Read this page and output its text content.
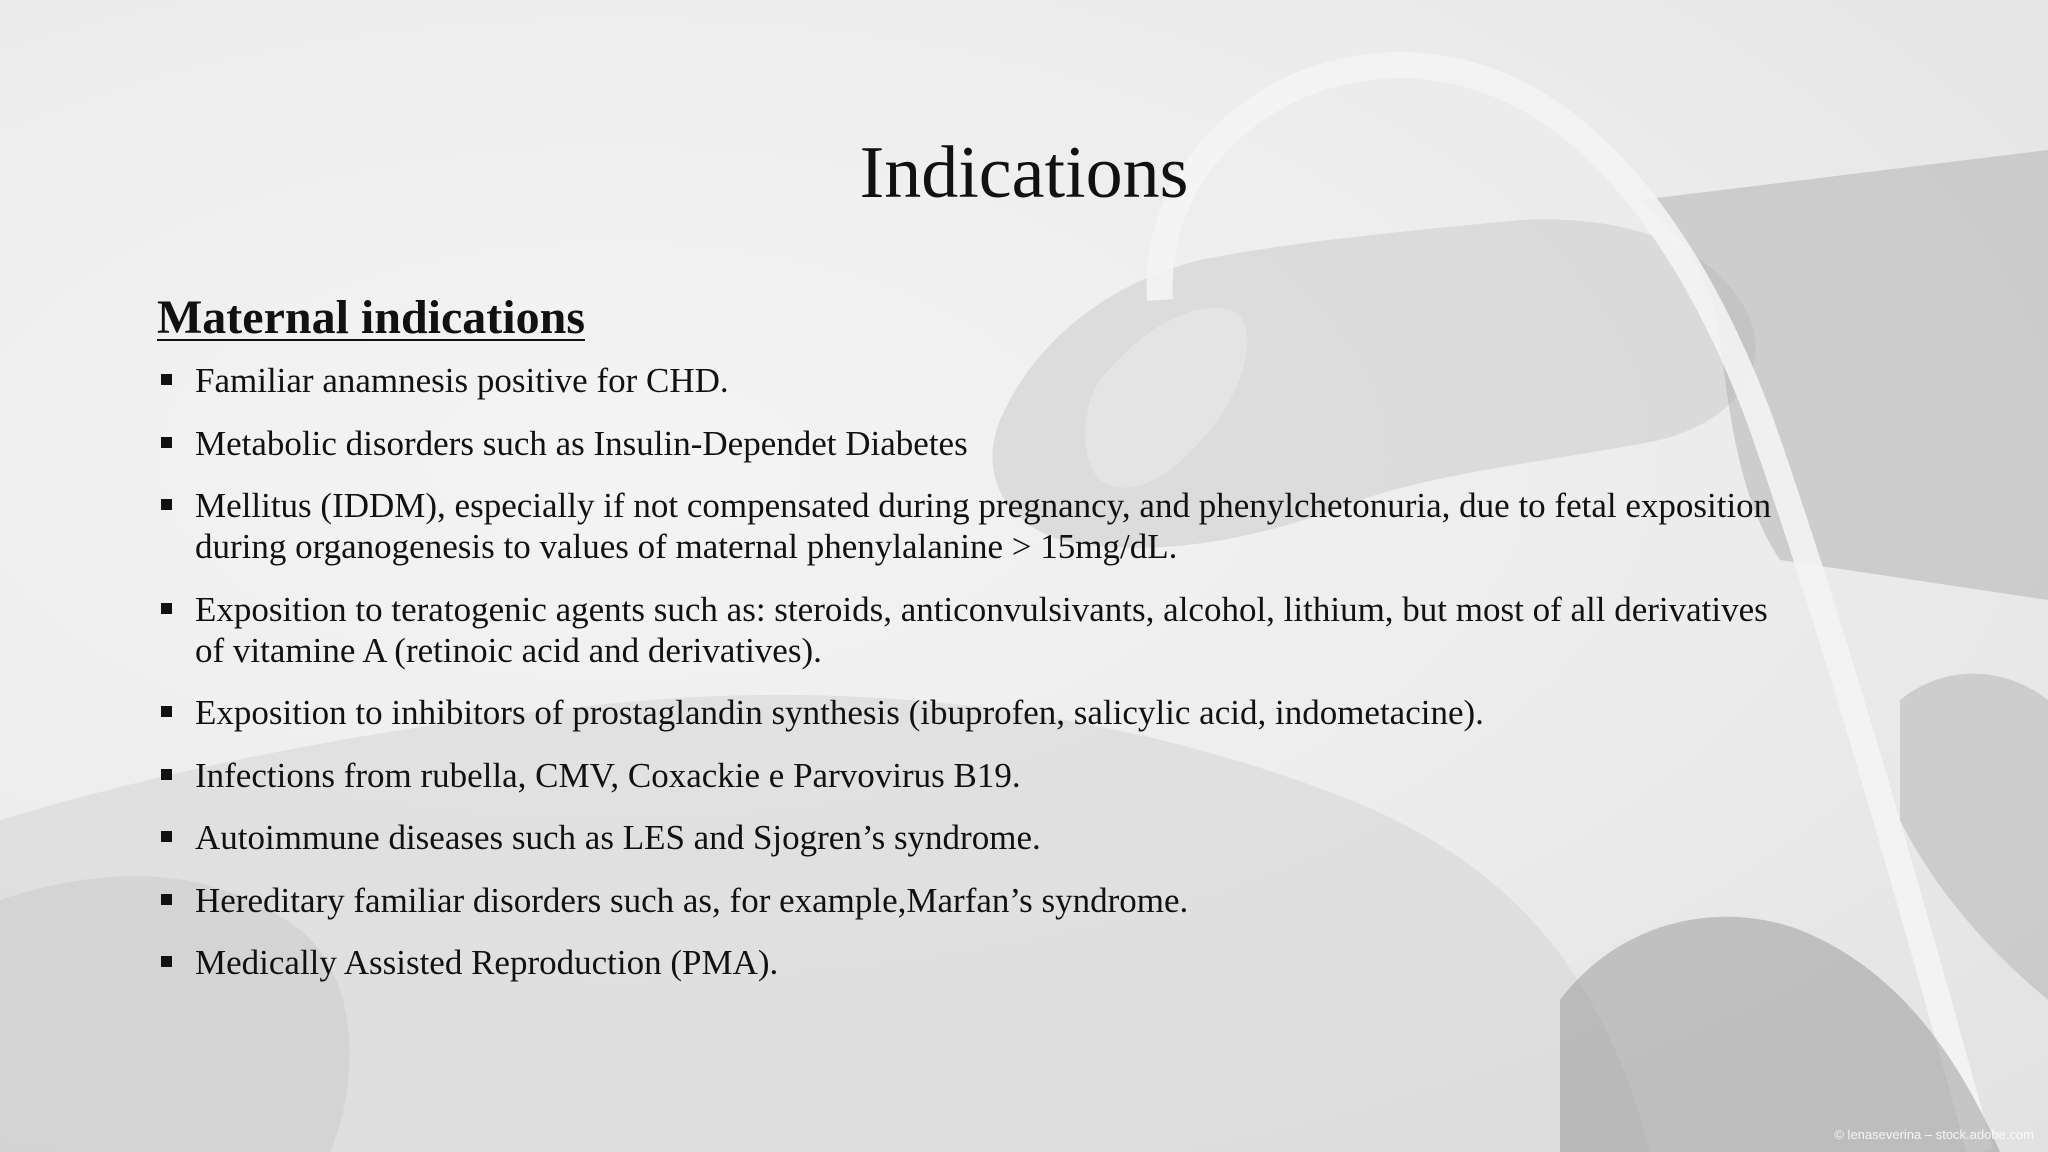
Indications
Maternal indications
Familiar anamnesis positive for CHD.
Metabolic disorders such as Insulin-Dependet Diabetes
Mellitus (IDDM), especially if not compensated during pregnancy, and phenylchetonuria, due to fetal exposition during organogenesis to values of maternal phenylalanine > 15mg/dL.
Exposition to teratogenic agents such as: steroids, anticonvulsivants, alcohol, lithium, but most of all derivatives of vitamine A (retinoic acid and derivatives).
Exposition to inhibitors of prostaglandin synthesis (ibuprofen, salicylic acid, indometacine).
Infections from rubella, CMV, Coxackie e Parvovirus B19.
Autoimmune diseases such as LES and Sjogren’s syndrome.
Hereditary familiar disorders such as, for example,Marfan’s syndrome.
Medically Assisted Reproduction (PMA).
© lenaseverina – stock.adobe.com
